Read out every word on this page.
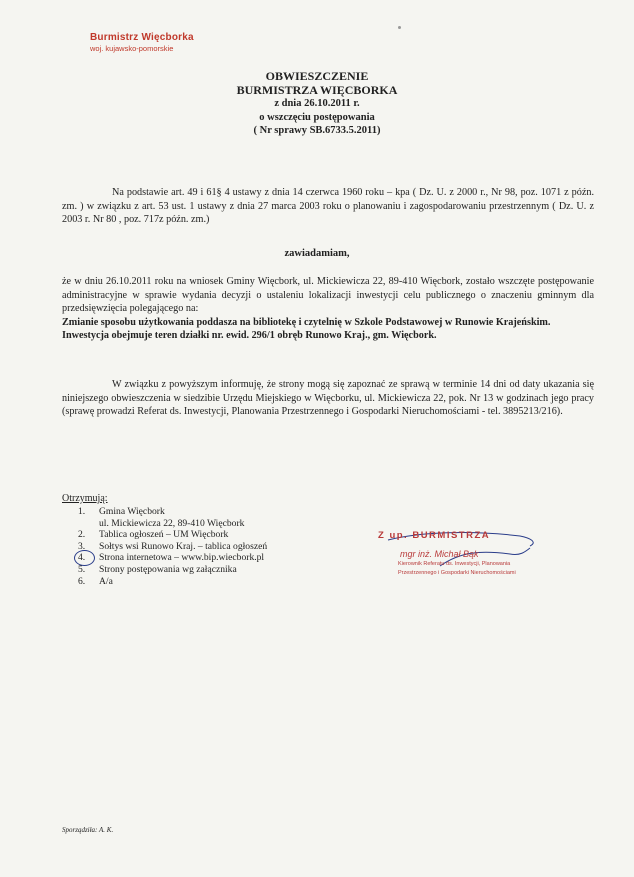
Burmistrz Więcborka
woj. kujawsko-pomorskie
OBWIESZCZENIE
BURMISTRZA WIĘCBORKA
z dnia 26.10.2011 r.
o wszczęciu postępowania
( Nr sprawy SB.6733.5.2011)
Na podstawie art. 49 i 61§ 4 ustawy z dnia 14 czerwca 1960 roku – kpa ( Dz. U. z 2000 r., Nr 98, poz. 1071 z późn. zm. ) w związku z art. 53 ust. 1 ustawy z dnia 27 marca 2003 roku o planowaniu i zagospodarowaniu przestrzennym ( Dz. U. z 2003 r. Nr 80 , poz. 717z późn. zm.)
zawiadamiam,
że w dniu 26.10.2011 roku na wniosek Gminy Więcbork, ul. Mickiewicza 22, 89-410 Więcbork, zostało wszczęte postępowanie administracyjne w sprawie wydania decyzji o ustaleniu lokalizacji inwestycji celu publicznego o znaczeniu gminnym dla przedsięwzięcia polegającego na:
Zmianie sposobu użytkowania poddasza na bibliotekę i czytelnię w Szkole Podstawowej w Runowie Krajeńskim.
Inwestycja obejmuje teren działki nr. ewid. 296/1 obręb Runowo Kraj., gm. Więcbork.
W związku z powyższym informuję, że strony mogą się zapoznać ze sprawą w terminie 14 dni od daty ukazania się niniejszego obwieszczenia w siedzibie Urzędu Miejskiego w Więcborku, ul. Mickiewicza 22, pok. Nr 13 w godzinach jego pracy (sprawę prowadzi Referat ds. Inwestycji, Planowania Przestrzennego i Gospodarki Nieruchomościami - tel. 3895213/216).
Otrzymują:
1.	Gmina Więcbork
ul. Mickiewicza 22, 89-410 Więcbork
2.	Tablica ogłoszeń – UM Więcbork
3.	Sołtys wsi Runowo Kraj. – tablica ogłoszeń
4.	Strona internetowa – www.bip.wiecbork.pl
5.	Strony postępowania wg załącznika
6.	A/a
Z up. BURMISTRZA
mgr inż. Michał Bąk
Kierownik Referatu ds. Inwestycji, Planowania
Przestrzennego i Gospodarki Nieruchomościami
Sporządziła: A. K.
